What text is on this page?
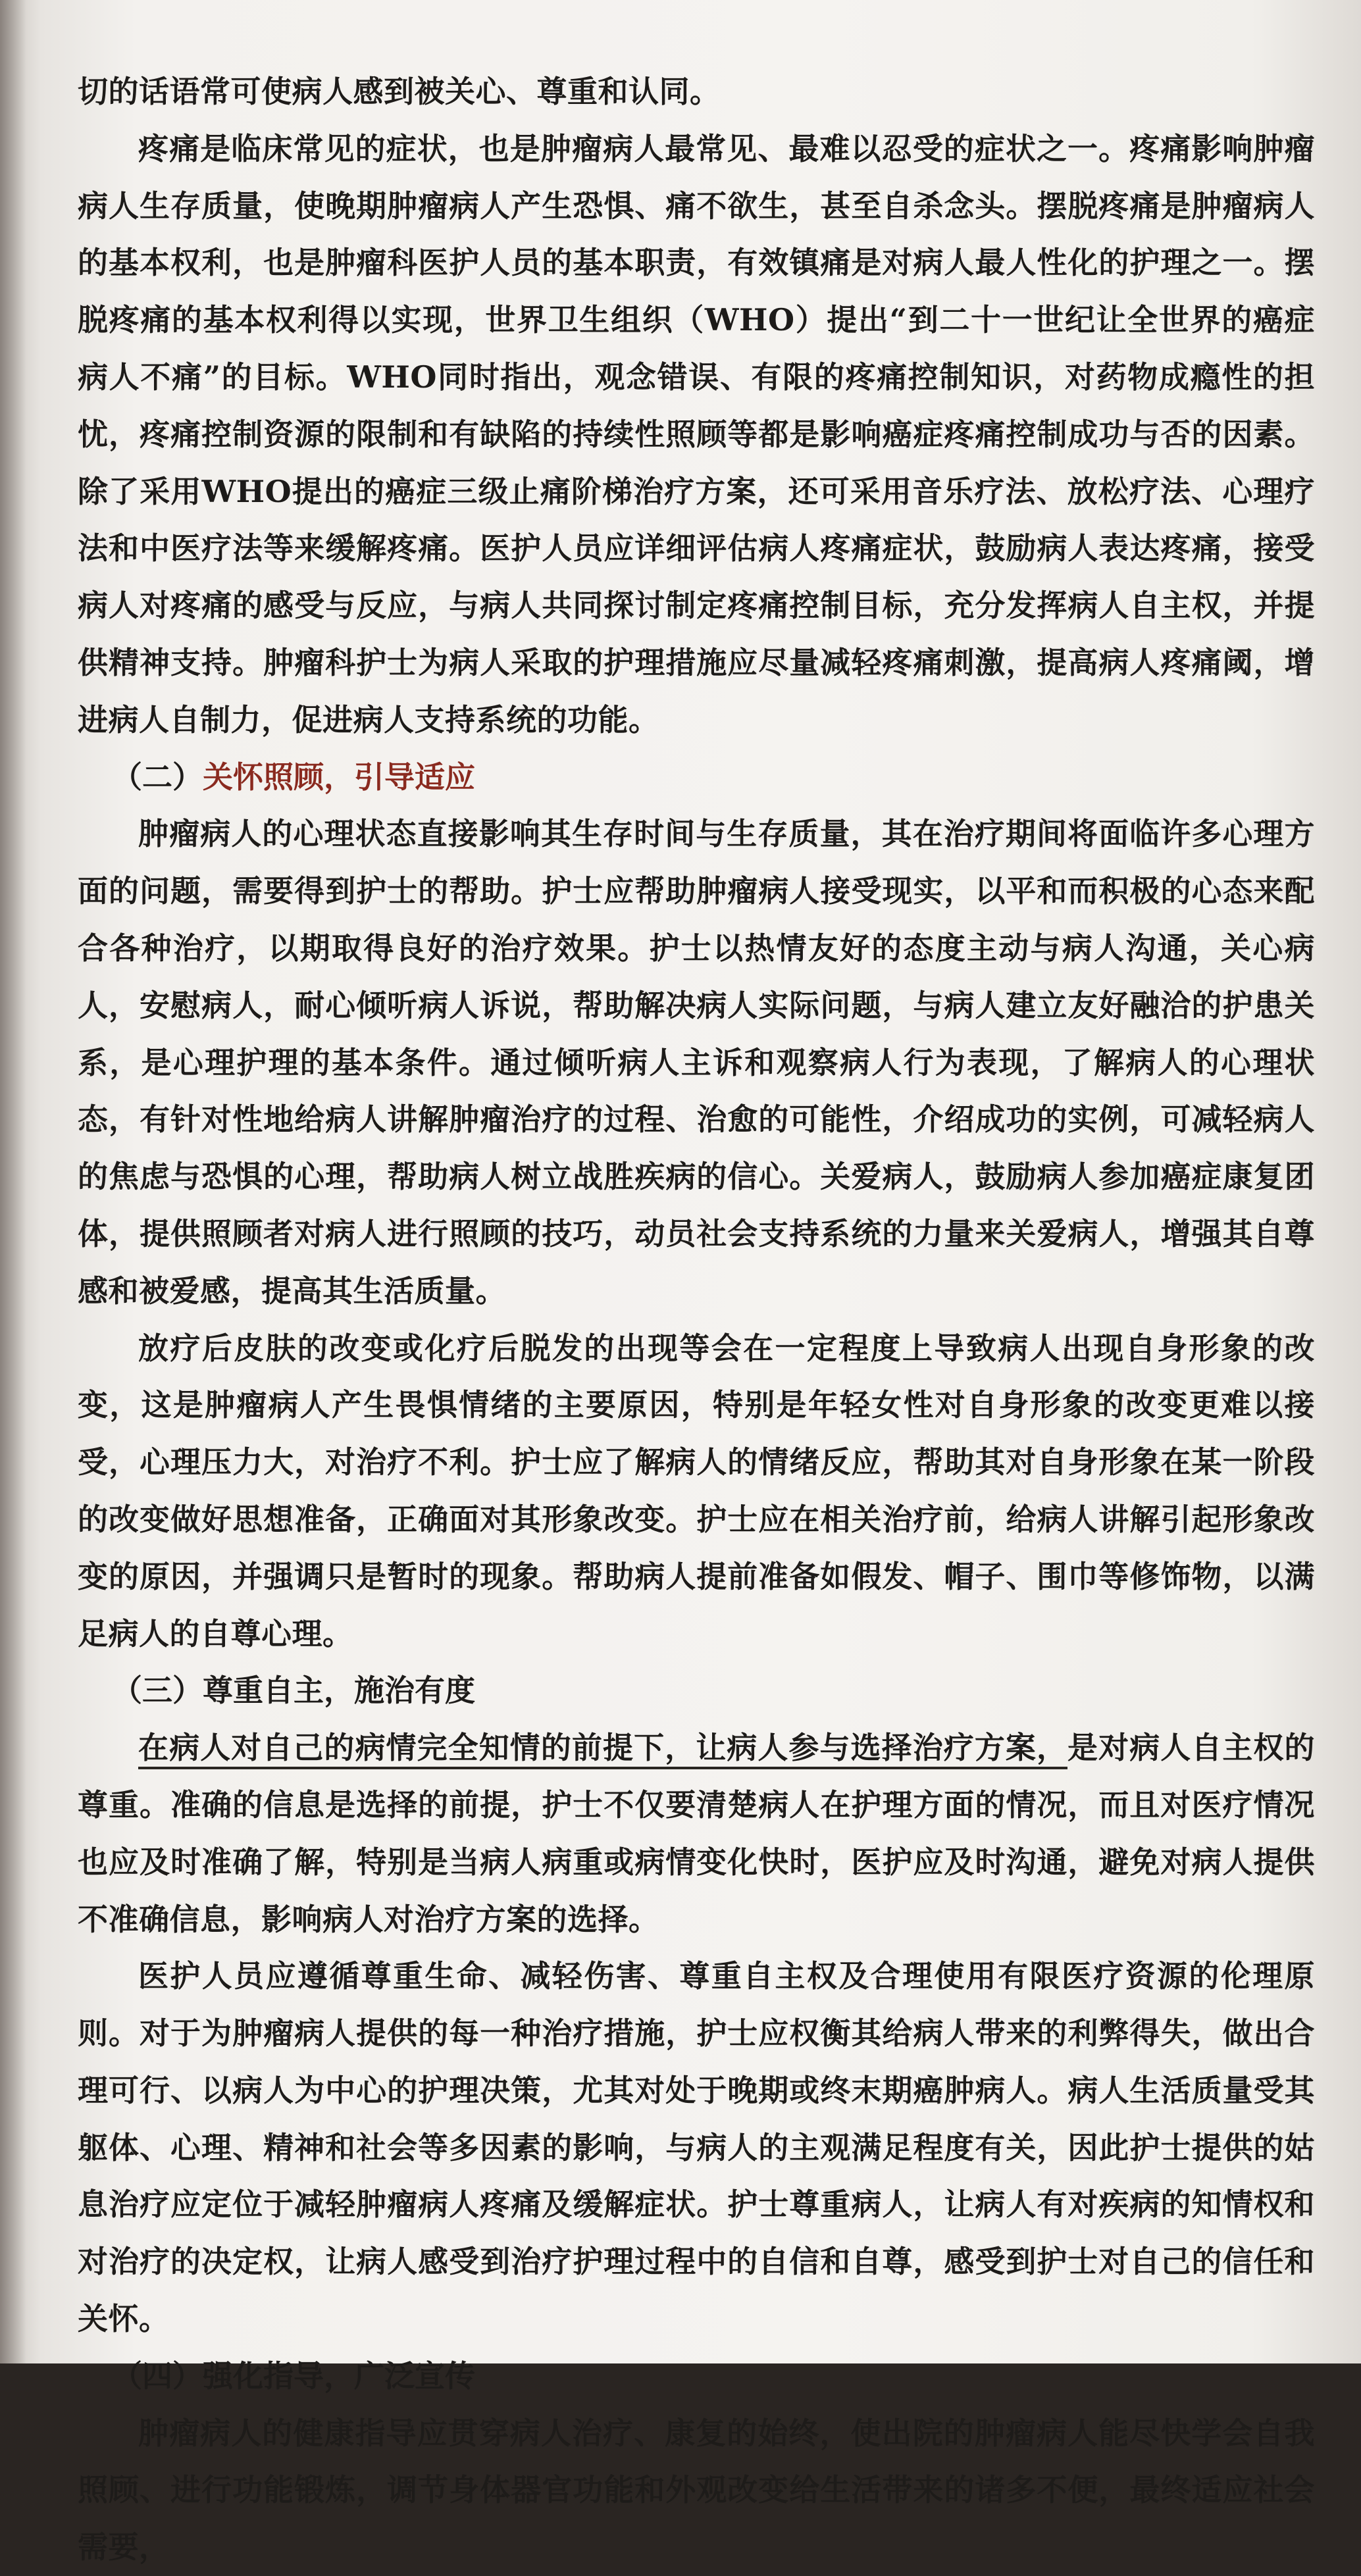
切的话语常可使病人感到被关心、尊重和认同。

疼痛是临床常见的症状，也是肿瘤病人最常见、最难以忍受的症状之一。疼痛影响肿瘤病人生存质量，使晚期肿瘤病人产生恐惧、痛不欲生，甚至自杀念头。摆脱疼痛是肿瘤病人的基本权利，也是肿瘤科医护人员的基本职责，有效镇痛是对病人最人性化的护理之一。摆脱疼痛的基本权利得以实现，世界卫生组织（WHO）提出“到二十一世纪让全世界的癌症病人不痛”的目标。WHO同时指出，观念错误、有限的疼痛控制知识，对药物成瘾性的担忧，疼痛控制资源的限制和有缺陷的持续性照顾等都是影响癌症疼痛控制成功与否的因素。除了采用WHO提出的癌症三级止痛阶梯治疗方案，还可采用音乐疗法、放松疗法、心理疗法和中医疗法等来缓解疼痛。医护人员应详细评估病人疼痛症状，鼓励病人表达疼痛，接受病人对疼痛的感受与反应，与病人共同探讨制定疼痛控制目标，充分发挥病人自主权，并提供精神支持。肿瘤科护士为病人采取的护理措施应尽量减轻疼痛刺激，提高病人疼痛阈，增进病人自制力，促进病人支持系统的功能。

（二）关怀照顾，引导适应

肿瘤病人的心理状态直接影响其生存时间与生存质量，其在治疗期间将面临许多心理方面的问题，需要得到护士的帮助。护士应帮助肿瘤病人接受现实，以平和而积极的心态来配合各种治疗，以期取得良好的治疗效果。护士以热情友好的态度主动与病人沟通，关心病人，安慰病人，耐心倾听病人诉说，帮助解决病人实际问题，与病人建立友好融洽的护患关系，是心理护理的基本条件。通过倾听病人主诉和观察病人行为表现，了解病人的心理状态，有针对性地给病人讲解肿瘤治疗的过程、治愈的可能性，介绍成功的实例，可减轻病人的焦虑与恐惧的心理，帮助病人树立战胜疾病的信心。关爱病人，鼓励病人参加癌症康复团体，提供照顾者对病人进行照顾的技巧，动员社会支持系统的力量来关爱病人，增强其自尊感和被爱感，提高其生活质量。

放疗后皮肤的改变或化疗后脱发的出现等会在一定程度上导致病人出现自身形象的改变，这是肿瘤病人产生畏惧情绪的主要原因，特别是年轻女性对自身形象的改变更难以接受，心理压力大，对治疗不利。护士应了解病人的情绪反应，帮助其对自身形象在某一阶段的改变做好思想准备，正确面对其形象改变。护士应在相关治疗前，给病人讲解引起形象改变的原因，并强调只是暂时的现象。帮助病人提前准备如假发、帽子、围巾等修饰物，以满足病人的自尊心理。

（三）尊重自主，施治有度

在病人对自己的病情完全知情的前提下，让病人参与选择治疗方案，是对病人自主权的尊重。准确的信息是选择的前提，护士不仅要清楚病人在护理方面的情况，而且对医疗情况也应及时准确了解，特别是当病人病重或病情变化快时，医护应及时沟通，避免对病人提供不准确信息，影响病人对治疗方案的选择。

医护人员应遵循尊重生命、减轻伤害、尊重自主权及合理使用有限医疗资源的伦理原则。对于为肿瘤病人提供的每一种治疗措施，护士应权衡其给病人带来的利弊得失，做出合理可行、以病人为中心的护理决策，尤其对处于晚期或终末期癌肿病人。病人生活质量受其躯体、心理、精神和社会等多因素的影响，与病人的主观满足程度有关，因此护士提供的姑息治疗应定位于减轻肿瘤病人疼痛及缓解症状。护士尊重病人，让病人有对疾病的知情权和对治疗的决定权，让病人感受到治疗护理过程中的自信和自尊，感受到护士对自己的信任和关怀。

（四）强化指导，广泛宣传

肿瘤病人的健康指导应贯穿病人治疗、康复的始终，使出院的肿瘤病人能尽快学会自我照顾、进行功能锻炼，调节身体器官功能和外观改变给生活带来的诸多不便，最终适应社会需要，
